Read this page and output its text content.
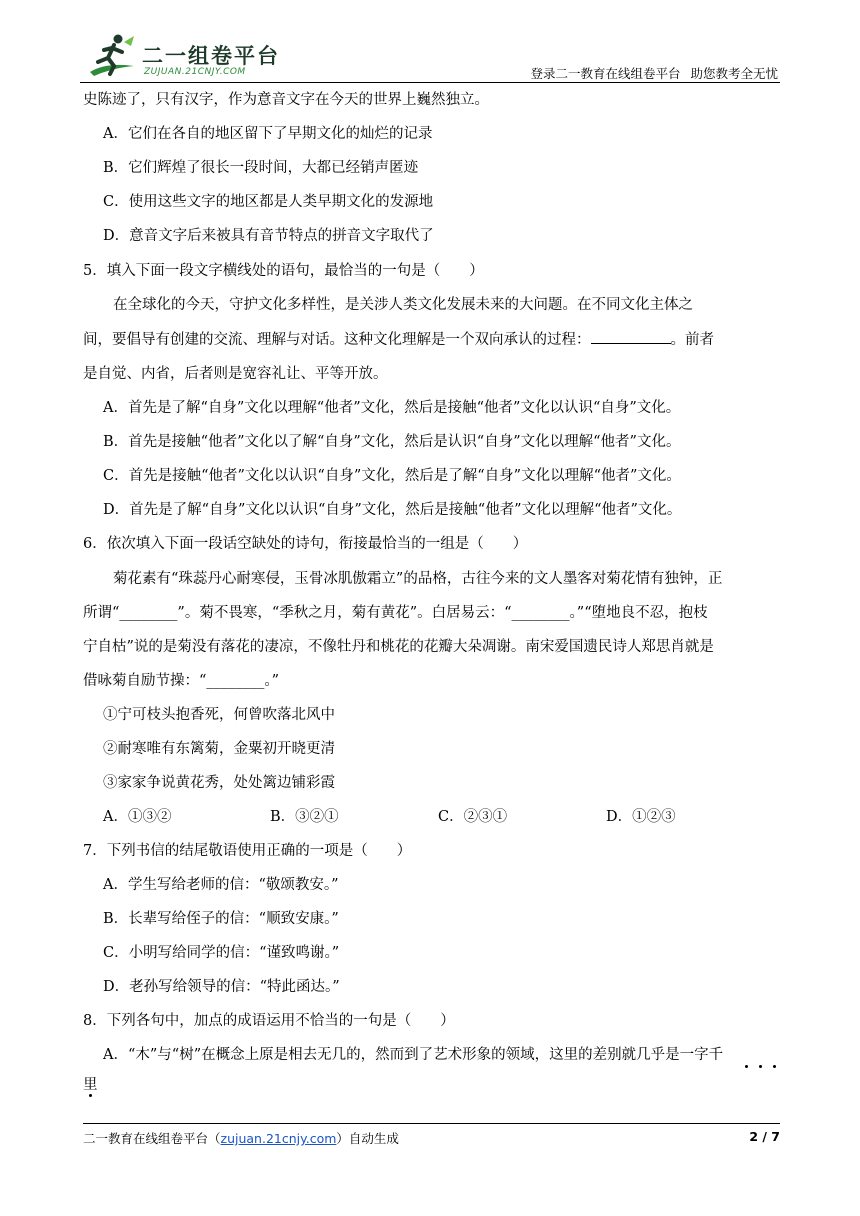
二一组卷平台
ZUJUAN.21CNJY.COM	登录二一教育在线组卷平台 助您教考全无忧
史陈迹了，只有汉字，作为意音文字在今天的世界上巍然独立。
A．它们在各自的地区留下了早期文化的灿烂的记录
B．它们辉煌了很长一段时间，大都已经销声匿迹
C．使用这些文字的地区都是人类早期文化的发源地
D．意音文字后来被具有音节特点的拼音文字取代了
5．填入下面一段文字横线处的语句，最恰当的一句是（　　）
在全球化的今天，守护文化多样性，是关涉人类文化发展未来的大问题。在不同文化主体之
间，要倡导有创建的交流、理解与对话。这种文化理解是一个双向承认的过程：	。前者
是自觉、内省，后者则是宽容礼让、平等开放。
A．首先是了解“自身”文化以理解“他者”文化，然后是接触“他者”文化以认识“自身”文化。
B．首先是接触“他者”文化以了解“自身”文化，然后是认识“自身”文化以理解“他者”文化。
C．首先是接触“他者”文化以认识“自身”文化，然后是了解“自身”文化以理解“他者”文化。
D．首先是了解“自身”文化以认识“自身”文化，然后是接触“他者”文化以理解“他者”文化。
6．依次填入下面一段话空缺处的诗句，衔接最恰当的一组是（　　）
菊花素有“珠蕊丹心耐寒侵，玉骨冰肌傲霜立”的品格，古往今来的文人墨客对菊花情有独钟，正
所谓“________”。菊不畏寒，“季秋之月，菊有黄花”。白居易云：“________。”“堕地良不忍，抱枝
宁自枯”说的是菊没有落花的凄凉，不像牡丹和桃花的花瓣大朵凋谢。南宋爱国遗民诗人郑思肖就是
借咏菊自励节操：“________。”
①宁可枝头抱香死，何曾吹落北风中
②耐寒唯有东篱菊，金粟初开晓更清
③家家争说黄花秀，处处篱边铺彩霞
A．①③②	B．③②①	C．②③①	D．①②③
7．下列书信的结尾敬语使用正确的一项是（　　）
A．学生写给老师的信：“敬颂教安。”
B．长辈写给侄子的信：“顺致安康。”
C．小明写给同学的信：“谨致鸣谢。”
D．老孙写给领导的信：“特此函达。”
8．下列各句中，加点的成语运用不恰当的一句是（　　）
A．“木”与“树”在概念上原是相去无几的，然而到了艺术形象的领域，这里的差别就几乎是一字千
里
二一教育在线组卷平台（zujuan.21cnjy.com）自动生成	2 / 7
